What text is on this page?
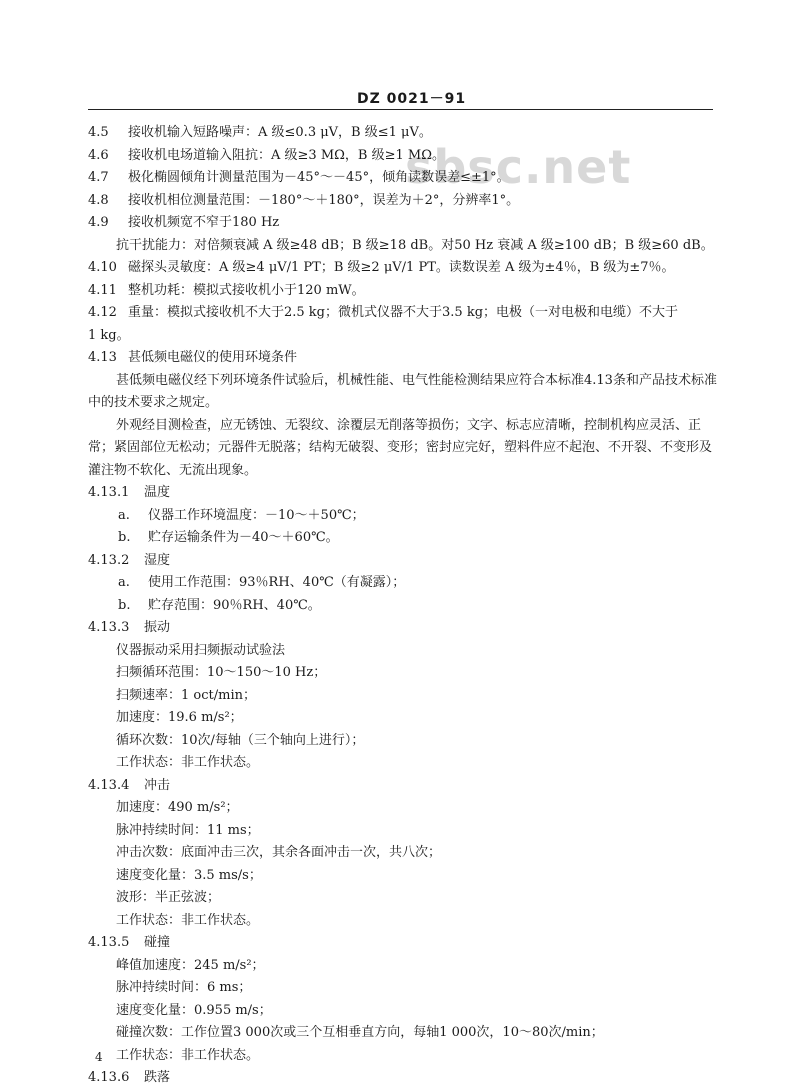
sbsc.net
DZ 0021－91
4.5 接收机输入短路噪声：A 级≤0.3 μV，B 级≤1 μV。
4.6 接收机电场道输入阻抗：A 级≥3 MΩ，B 级≥1 MΩ。
4.7 极化椭圆倾角计测量范围为－45°～－45°，倾角读数误差≤±1°。
4.8 接收机相位测量范围：－180°～＋180°，误差为＋2°，分辨率1°。
4.9 接收机频宽不窄于180 Hz
抗干扰能力：对倍频衰减 A 级≥48 dB；B 级≥18 dB。对50 Hz 衰减 A 级≥100 dB；B 级≥60 dB。
4.10 磁探头灵敏度：A 级≥4 μV/1 PT；B 级≥2 μV/1 PT。读数误差 A 级为±4％，B 级为±7％。
4.11 整机功耗：模拟式接收机小于120 mW。
4.12 重量：模拟式接收机不大于2.5 kg；微机式仪器不大于3.5 kg；电极（一对电极和电缆）不大于
1 kg。
4.13 甚低频电磁仪的使用环境条件
甚低频电磁仪经下列环境条件试验后，机械性能、电气性能检测结果应符合本标准4.13条和产品技术标准中的技术要求之规定。
外观经目测检查，应无锈蚀、无裂纹、涂覆层无削落等损伤；文字、标志应清晰，控制机构应灵活、正常；紧固部位无松动；元器件无脱落；结构无破裂、变形；密封应完好，塑料件应不起泡、不开裂、不变形及灌注物不软化、无流出现象。
4.13.1 温度
a. 仪器工作环境温度：－10～＋50℃；
b. 贮存运输条件为－40～＋60℃。
4.13.2 湿度
a. 使用工作范围：93％RH、40℃（有凝露）；
b. 贮存范围：90％RH、40℃。
4.13.3 振动
仪器振动采用扫频振动试验法
扫频循环范围：10～150～10 Hz；
扫频速率：1 oct/min；
加速度：19.6 m/s²；
循环次数：10次/每轴（三个轴向上进行）；
工作状态：非工作状态。
4.13.4 冲击
加速度：490 m/s²；
脉冲持续时间：11 ms；
冲击次数：底面冲击三次，其余各面冲击一次，共八次；
速度变化量：3.5 ms/s；
波形：半正弦波；
工作状态：非工作状态。
4.13.5 碰撞
峰值加速度：245 m/s²；
脉冲持续时间：6 ms；
速度变化量：0.955 m/s；
碰撞次数：工作位置3 000次或三个互相垂直方向，每轴1 000次，10～80次/min；
工作状态：非工作状态。
4.13.6 跌落
4
